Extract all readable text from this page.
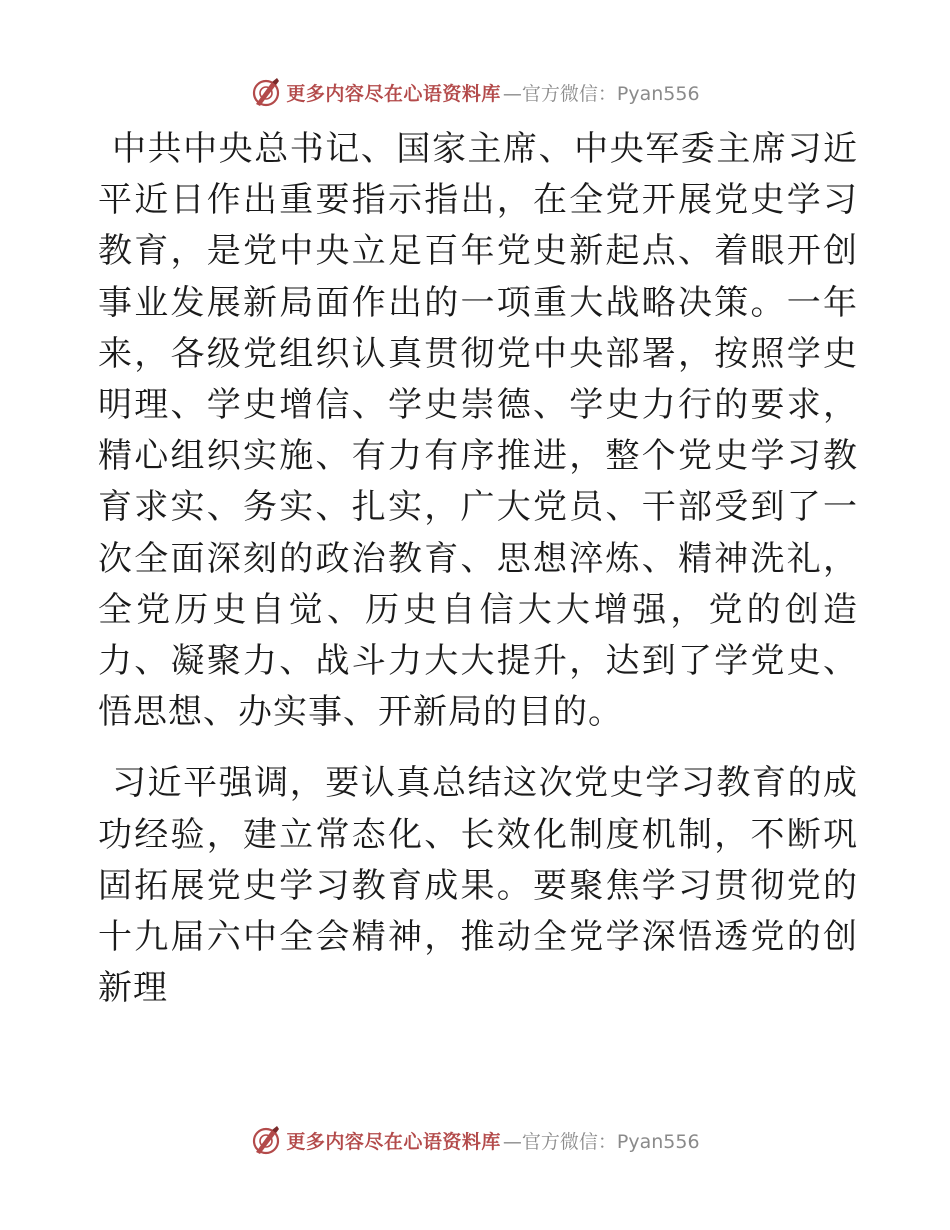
更多内容尽在心语资料库 —官方微信：Pyan556

中共中央总书记、国家主席、中央军委主席习近平近日作出重要指示指出，在全党开展党史学习教育，是党中央立足百年党史新起点、着眼开创事业发展新局面作出的一项重大战略决策。一年来，各级党组织认真贯彻党中央部署，按照学史明理、学史增信、学史崇德、学史力行的要求，精心组织实施、有力有序推进，整个党史学习教育求实、务实、扎实，广大党员、干部受到了一次全面深刻的政治教育、思想淬炼、精神洗礼，全党历史自觉、历史自信大大增强，党的创造力、凝聚力、战斗力大大提升，达到了学党史、悟思想、办实事、开新局的目的。

习近平强调，要认真总结这次党史学习教育的成功经验，建立常态化、长效化制度机制，不断巩固拓展党史学习教育成果。要聚焦学习贯彻党的十九届六中全会精神，推动全党学深悟透党的创新理

更多内容尽在心语资料库 —官方微信：Pyan556
